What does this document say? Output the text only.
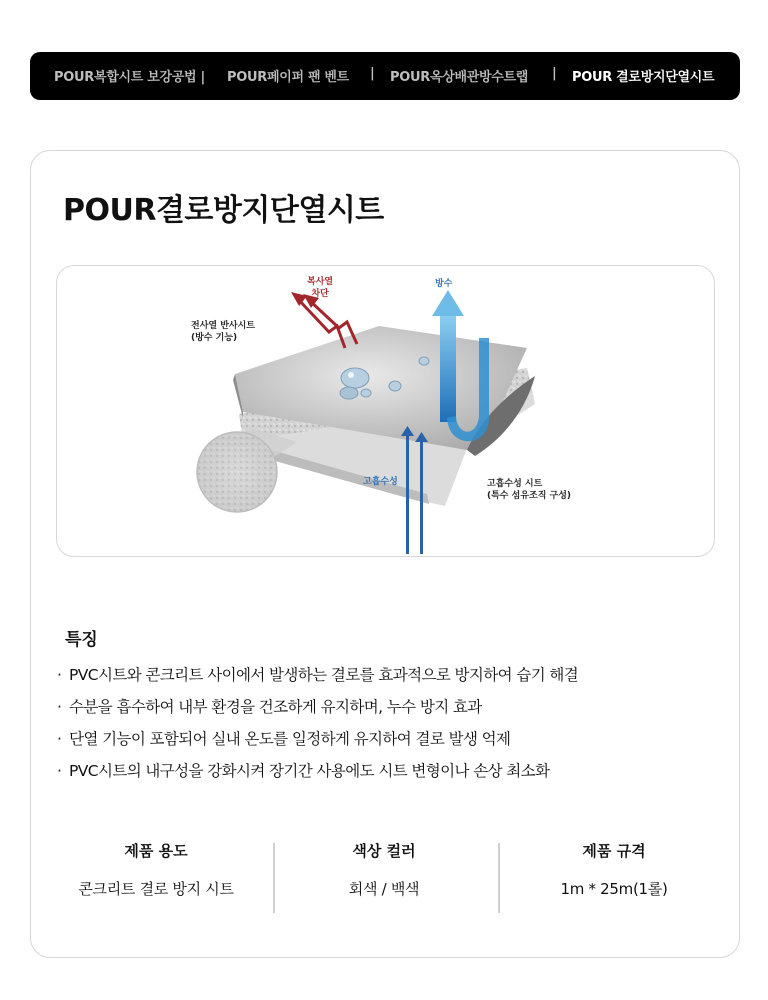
POUR복합시트 보강공법 | POUR페이퍼 팬 벤트 | POUR옥상배관방수트랩 | POUR 결로방지단열시트
POUR결로방지단열시트
전사열 반사시트
(방수 기능)
복사열
차단
방수
고흡수성	고흡수성 시트
(특수 섬유조직 구성)
특징
· PVC시트와 콘크리트 사이에서 발생하는 결로를 효과적으로 방지하여 습기 해결
· 수분을 흡수하여 내부 환경을 건조하게 유지하며, 누수 방지 효과
· 단열 기능이 포함되어 실내 온도를 일정하게 유지하여 결로 발생 억제
· PVC시트의 내구성을 강화시켜 장기간 사용에도 시트 변형이나 손상 최소화
제품 용도
콘크리트 결로 방지 시트
색상 컬러
회색 / 백색
제품 규격
1m * 25m(1롤)
